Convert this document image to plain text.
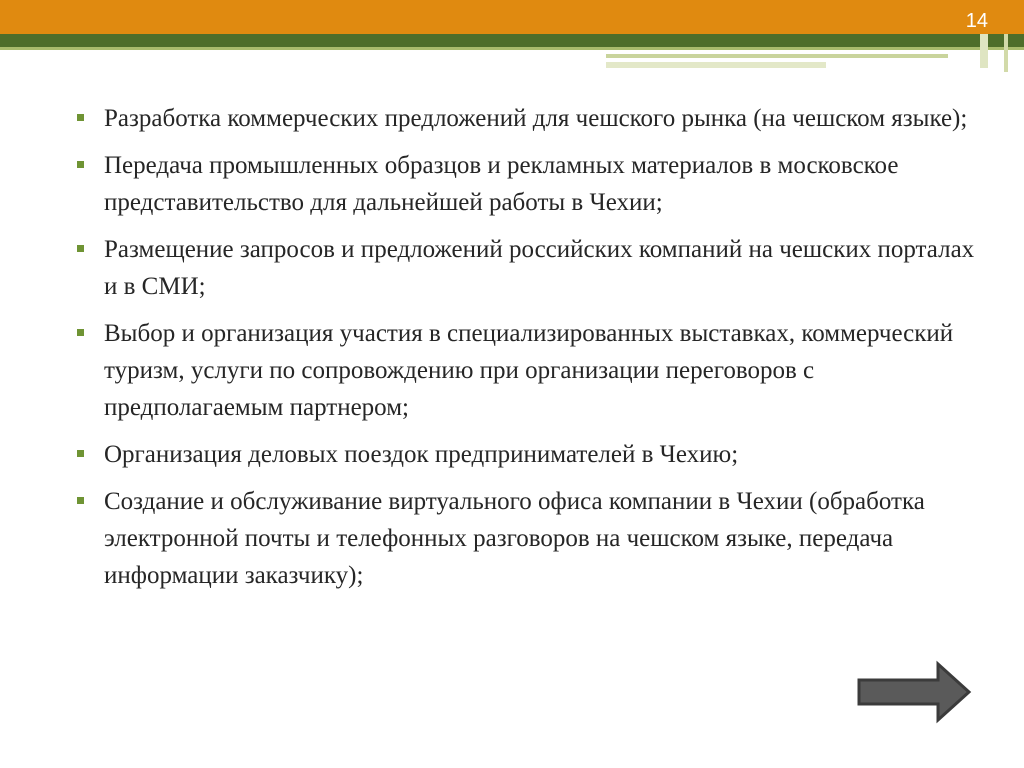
14
Разработка коммерческих предложений для чешского рынка (на чешском языке);
Передача промышленных образцов и рекламных материалов в московское представительство для дальнейшей работы в Чехии;
Размещение запросов и предложений российских компаний на чешских порталах и в СМИ;
Выбор и организация участия в специализированных выставках, коммерческий туризм, услуги по сопровождению при организации переговоров с предполагаемым партнером;
Организация деловых поездок предпринимателей в Чехию;
Создание и обслуживание виртуального офиса компании в Чехии (обработка электронной почты и телефонных разговоров на чешском языке, передача информации заказчику);
